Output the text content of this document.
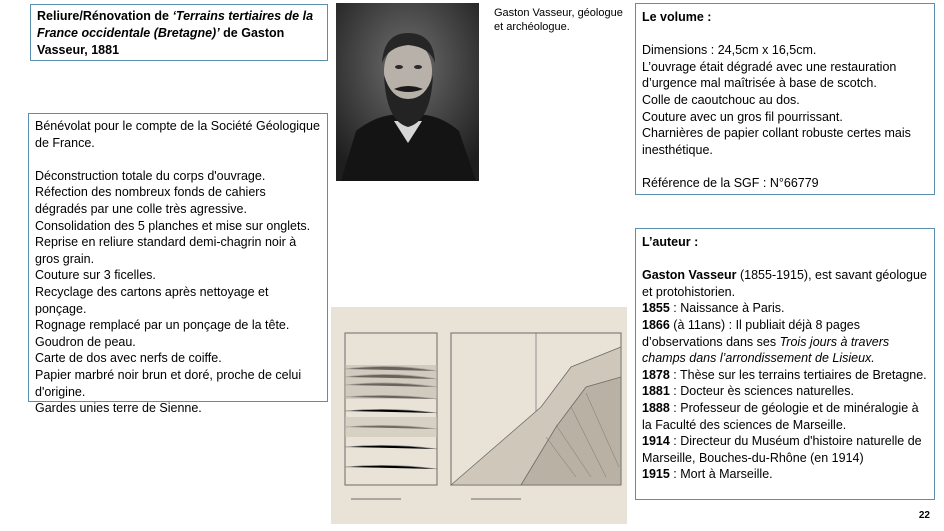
Reliure/Rénovation de ‘Terrains tertiaires de la France occidentale (Bretagne)’ de Gaston Vasseur, 1881

Bénévolat pour le compte de la Société Géologique de France.

Déconstruction totale du corps d'ouvrage.

Réfection des nombreux fonds de cahiers dégradés par une colle très agressive.

Consolidation des 5 planches et mise sur onglets.

Reprise en reliure standard demi-chagrin noir à gros grain.

Couture sur 3 ficelles.

Recyclage des cartons après nettoyage et ponçage.

Rognage remplacé par un ponçage de la tête.

Goudron de peau.

Carte de dos avec nerfs de coiffe.

Papier marbré noir brun et doré, proche de celui d'origine.

Gardes unies terre de Sienne.

Gaston Vasseur, géologue et archéologue.

Le volume :

Dimensions : 24,5cm x 16,5cm.

L’ouvrage était dégradé avec une restauration d’urgence mal maîtrisée à base de scotch.

Colle de caoutchouc au dos.

Couture avec un gros fil pourrissant.

Charnières de papier collant robuste certes mais inesthétique.

Référence de la SGF : N°66779

L’auteur :

Gaston Vasseur (1855-1915), est savant géologue et protohistorien.

1855 : Naissance à Paris.

1866 (à 11ans) : Il publiait déjà 8 pages d’observations dans ses Trois jours à travers champs dans l’arrondissement de Lisieux.

1878 : Thèse sur les terrains tertiaires de Bretagne.

1881 : Docteur ès sciences naturelles.

1888 : Professeur de géologie et de minéralogie à la Faculté des sciences de Marseille.

1914 : Directeur du Muséum d'histoire naturelle de Marseille, Bouches-du-Rhône (en 1914)

1915 : Mort à Marseille.

22
